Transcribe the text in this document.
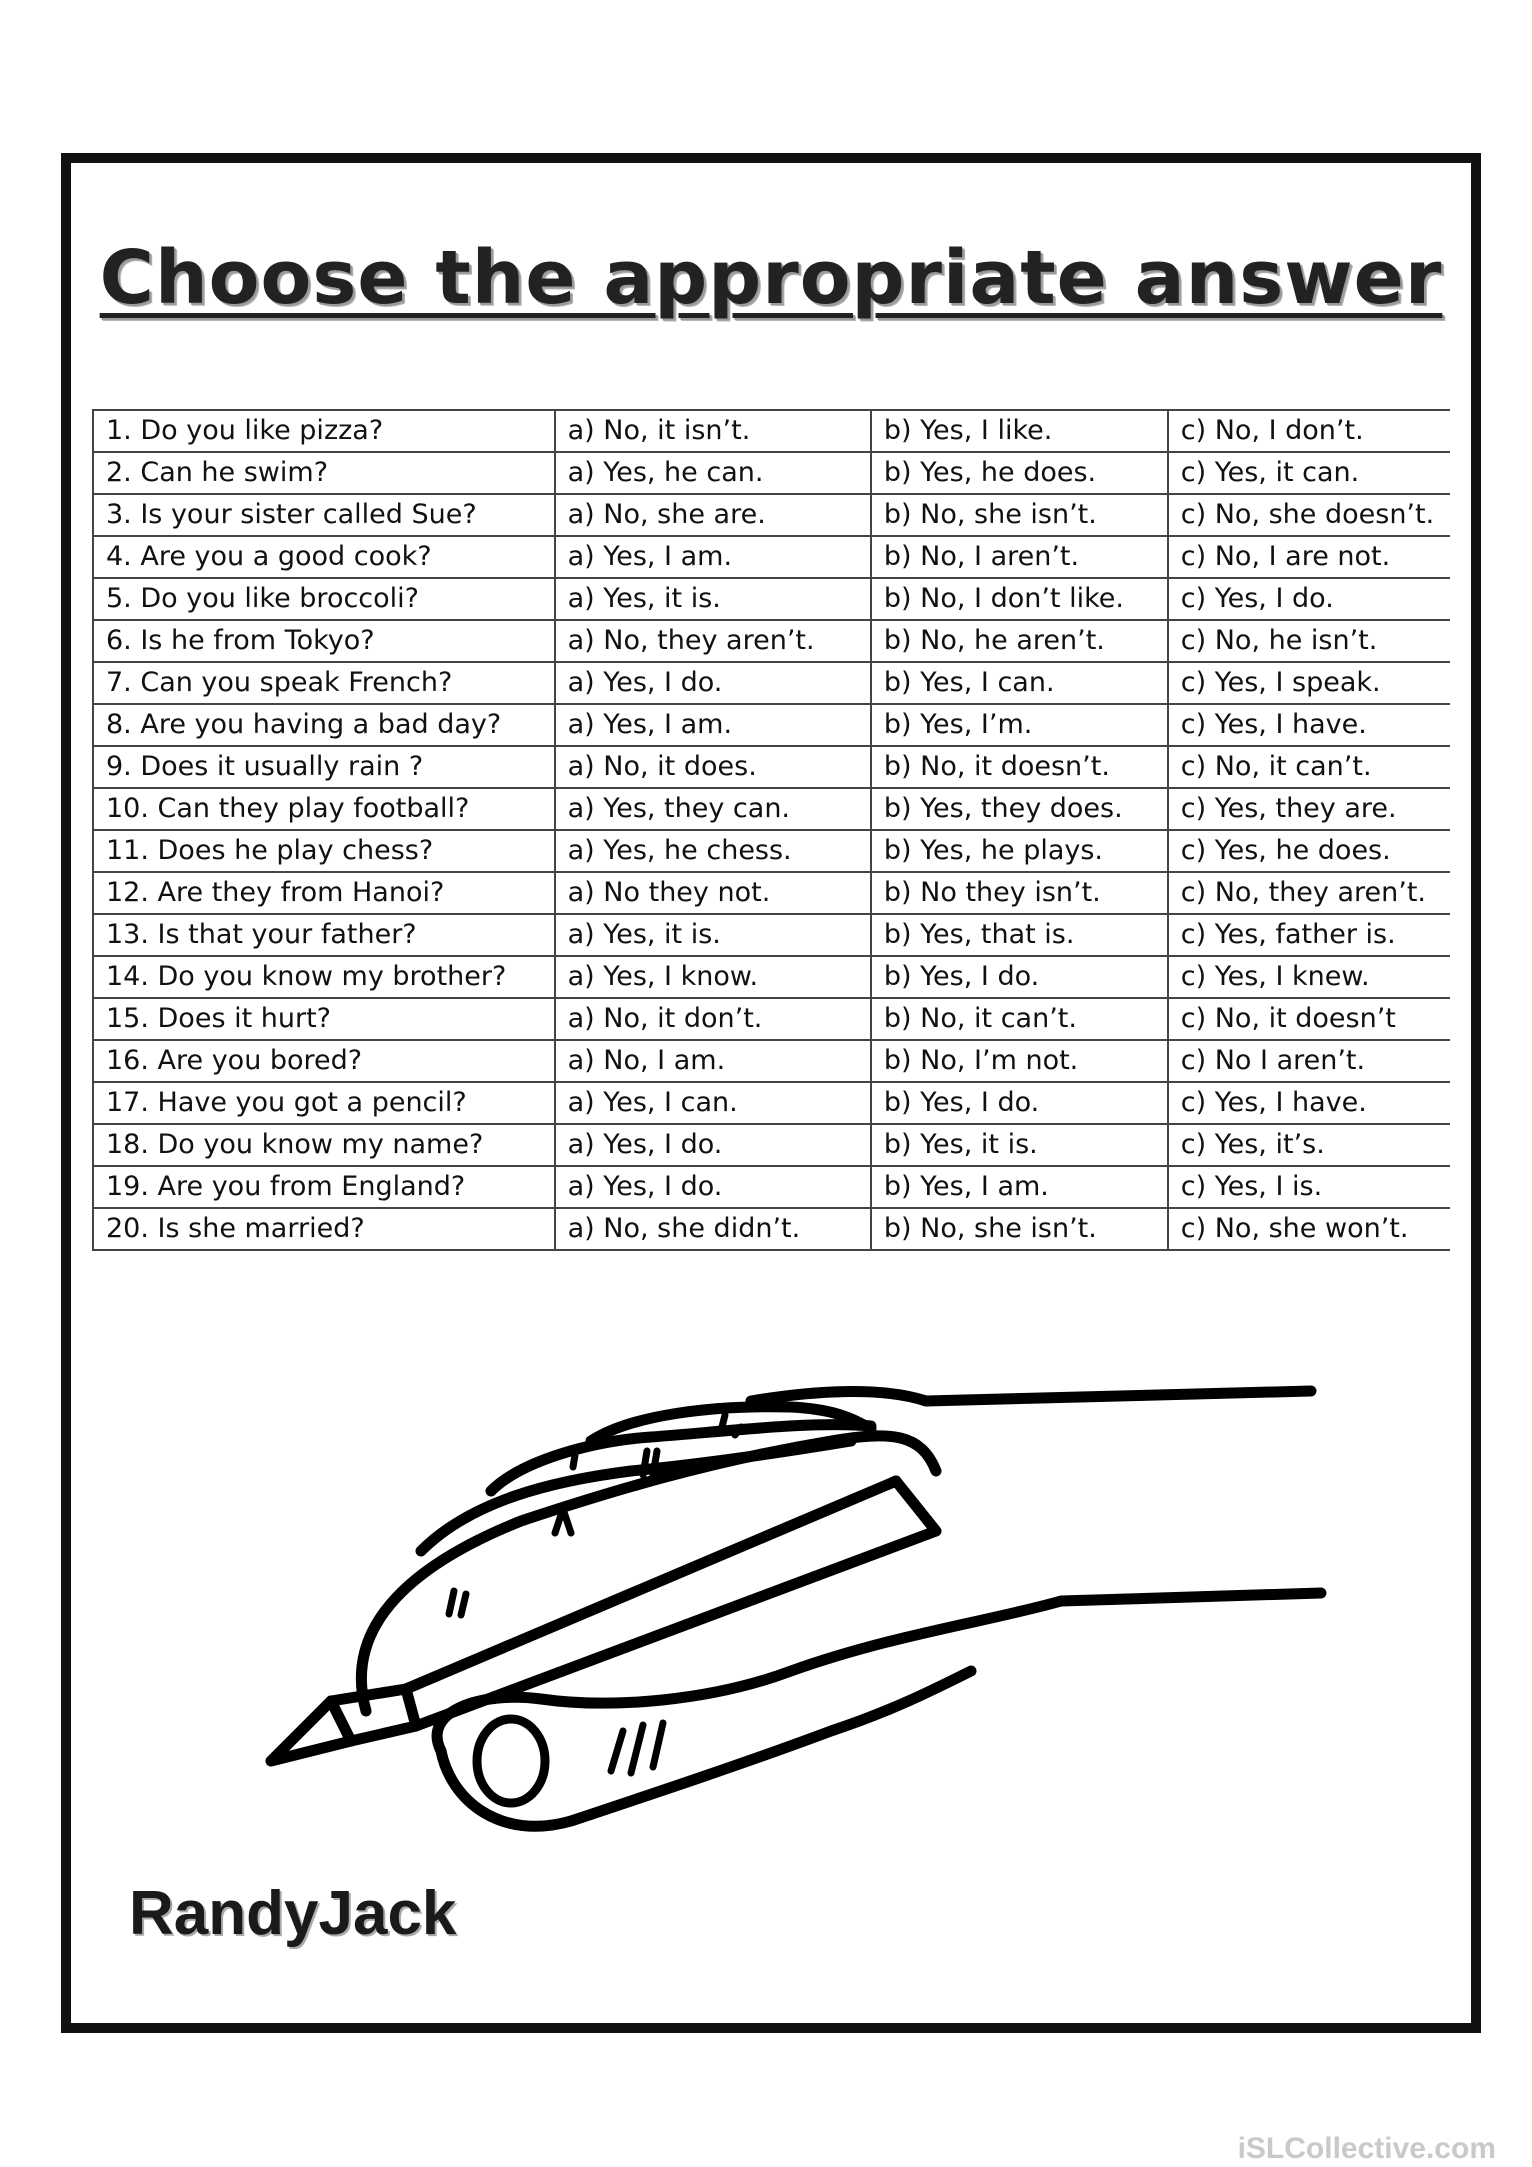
Choose the appropriate answer
1. Do you like pizza?	a) No, it isn’t.	b) Yes, I like.	c) No, I don’t.
2. Can he swim?	a) Yes, he can.	b) Yes, he does.	c) Yes, it can.
3. Is your sister called Sue?	a) No, she are.	b) No, she isn’t.	c) No, she doesn’t.
4. Are you a good cook?	a) Yes, I am.	b) No, I aren’t.	c) No, I are not.
5. Do you like broccoli?	a) Yes, it is.	b) No, I don’t like.	c) Yes, I do.
6. Is he from Tokyo?	a) No, they aren’t.	b) No, he aren’t.	c) No, he isn’t.
7. Can you speak French?	a) Yes, I do.	b) Yes, I can.	c) Yes, I speak.
8. Are you having a bad day?	a) Yes, I am.	b) Yes, I’m.	c) Yes, I have.
9. Does it usually rain ?	a) No, it does.	b) No, it doesn’t.	c) No, it can’t.
10. Can they play football?	a) Yes, they can.	b) Yes, they does.	c) Yes, they are.
11. Does he play chess?	a) Yes, he chess.	b) Yes, he plays.	c) Yes, he does.
12. Are they from Hanoi?	a) No they not.	b) No they isn’t.	c) No, they aren’t.
13. Is that your father?	a) Yes, it is.	b) Yes, that is.	c) Yes, father is.
14. Do you know my brother?	a) Yes, I know.	b) Yes, I do.	c) Yes, I knew.
15. Does it hurt?	a) No, it don’t.	b) No, it can’t.	c) No, it doesn’t
16. Are you bored?	a) No, I am.	b) No, I’m not.	c) No I aren’t.
17. Have you got a pencil?	a) Yes, I can.	b) Yes, I do.	c) Yes, I have.
18. Do you know my name?	a) Yes, I do.	b) Yes, it is.	c) Yes, it’s.
19. Are you from England?	a) Yes, I do.	b) Yes, I am.	c) Yes, I is.
20. Is she married?	a) No, she didn’t.	b) No, she isn’t.	c) No, she won’t.
RandyJack
iSLCollective.com
